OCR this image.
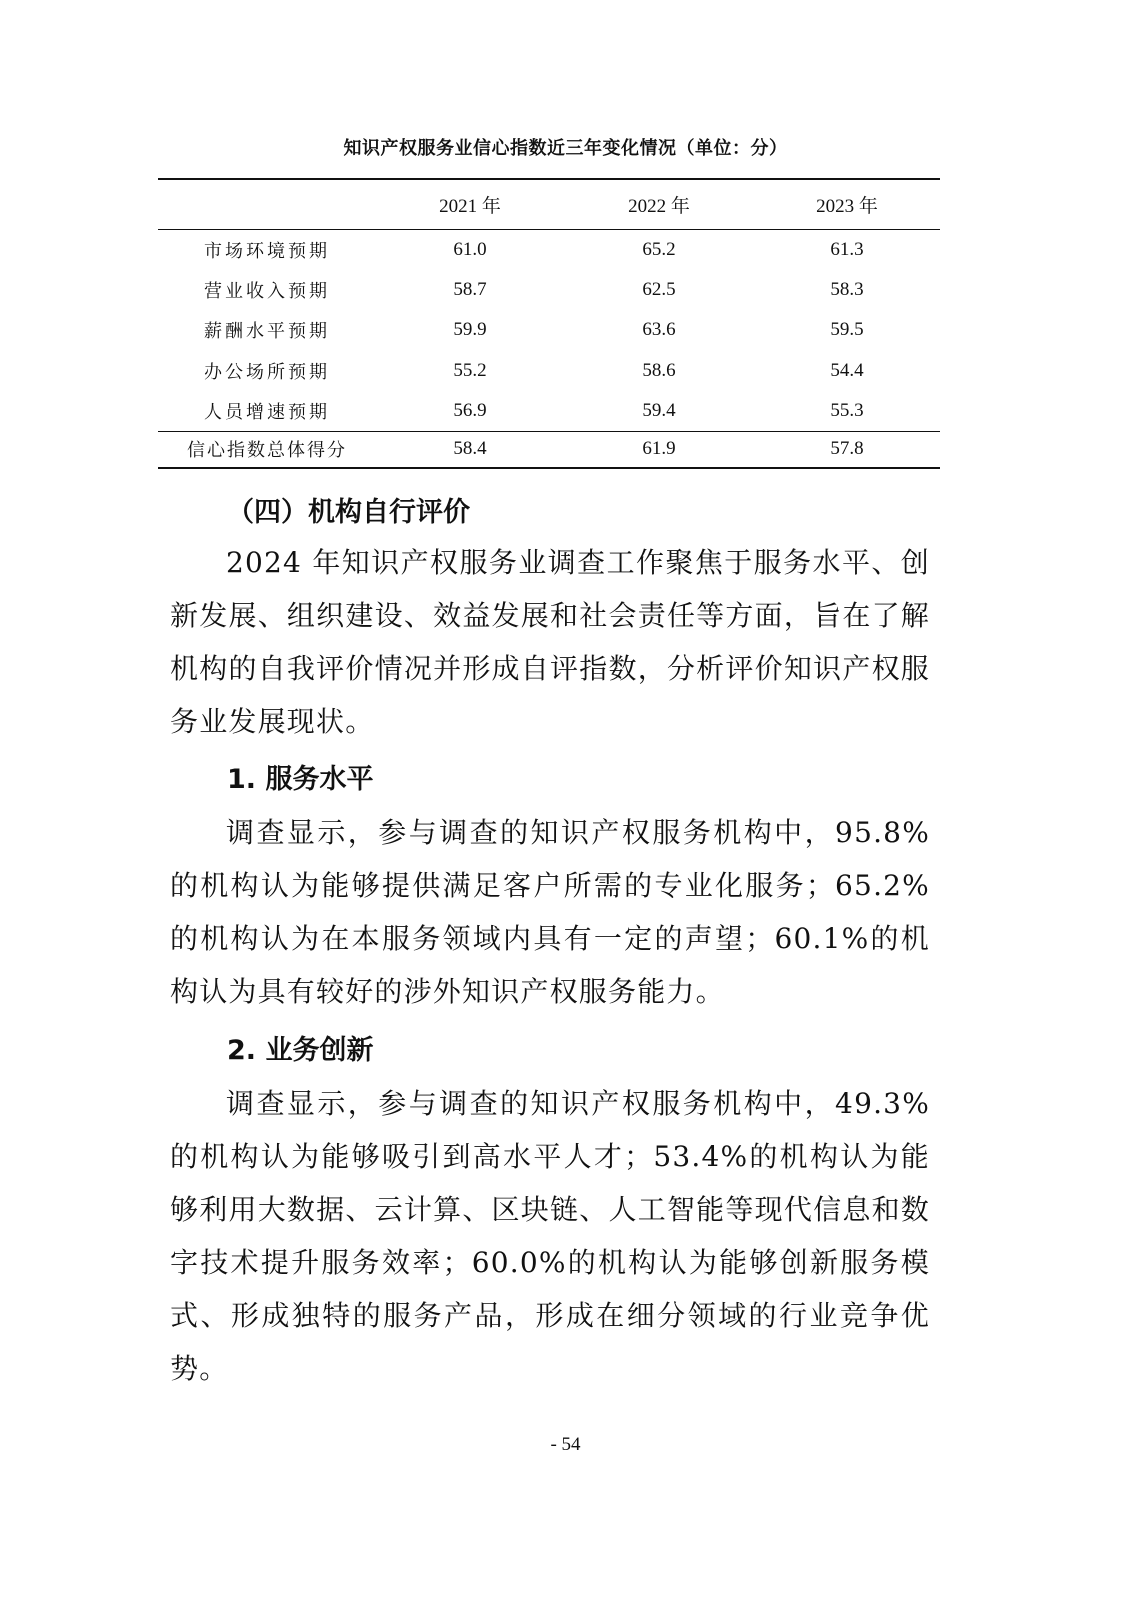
知识产权服务业信心指数近三年变化情况（单位：分）
	2021 年	2022 年	2023 年
市场环境预期	61.0	65.2	61.3
营业收入预期	58.7	62.5	58.3
薪酬水平预期	59.9	63.6	59.5
办公场所预期	55.2	58.6	54.4
人员增速预期	56.9	59.4	55.3
信心指数总体得分	58.4	61.9	57.8
（四）机构自行评价

2024 年知识产权服务业调查工作聚焦于服务水平、创新发展、组织建设、效益发展和社会责任等方面，旨在了解机构的自我评价情况并形成自评指数，分析评价知识产权服务业发展现状。

1. 服务水平

调查显示，参与调查的知识产权服务机构中，95.8%的机构认为能够提供满足客户所需的专业化服务；65.2%的机构认为在本服务领域内具有一定的声望；60.1%的机构认为具有较好的涉外知识产权服务能力。

2. 业务创新

调查显示，参与调查的知识产权服务机构中，49.3%的机构认为能够吸引到高水平人才；53.4%的机构认为能够利用大数据、云计算、区块链、人工智能等现代信息和数字技术提升服务效率；60.0%的机构认为能够创新服务模式、形成独特的服务产品，形成在细分领域的行业竞争优势。

- 54
